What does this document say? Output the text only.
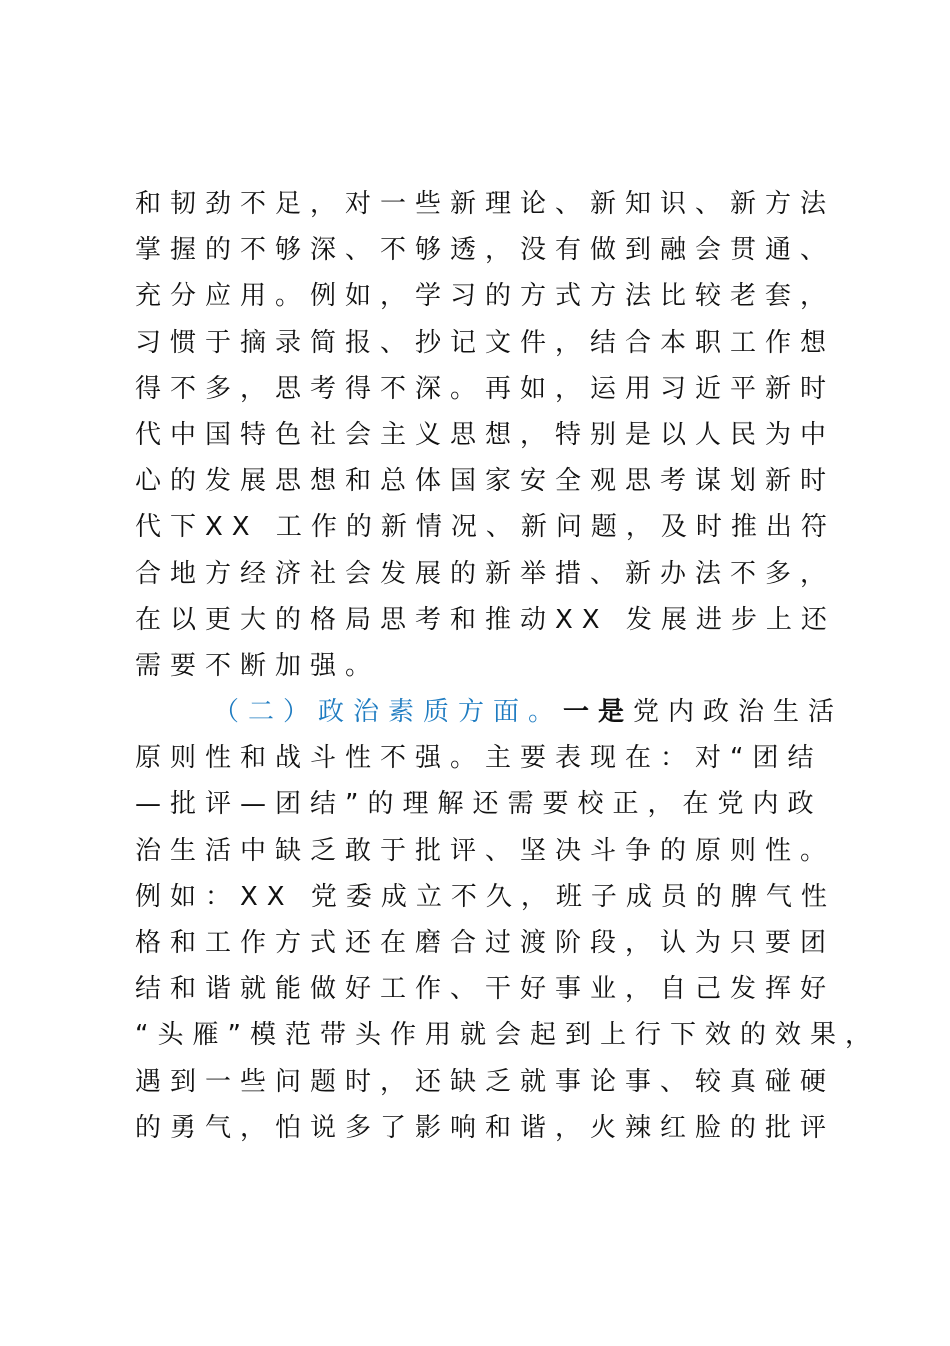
和韧劲不足，对一些新理论、新知识、新方法
掌握的不够深、不够透，没有做到融会贯通、
充分应用。例如，学习的方式方法比较老套，
习惯于摘录简报、抄记文件，结合本职工作想
得不多，思考得不深。再如，运用习近平新时
代中国特色社会主义思想，特别是以人民为中
心的发展思想和总体国家安全观思考谋划新时
代下XX 工作的新情况、新问题，及时推出符
合地方经济社会发展的新举措、新办法不多，
在以更大的格局思考和推动XX 发展进步上还
需要不断加强。
（二）政治素质方面。一是党内政治生活
原则性和战斗性不强。主要表现在：对“团结
—批评—团结”的理解还需要校正，在党内政
治生活中缺乏敢于批评、坚决斗争的原则性。
例如：XX 党委成立不久，班子成员的脾气性
格和工作方式还在磨合过渡阶段，认为只要团
结和谐就能做好工作、干好事业，自己发挥好
“头雁”模范带头作用就会起到上行下效的效果，
遇到一些问题时，还缺乏就事论事、较真碰硬
的勇气，怕说多了影响和谐，火辣红脸的批评
